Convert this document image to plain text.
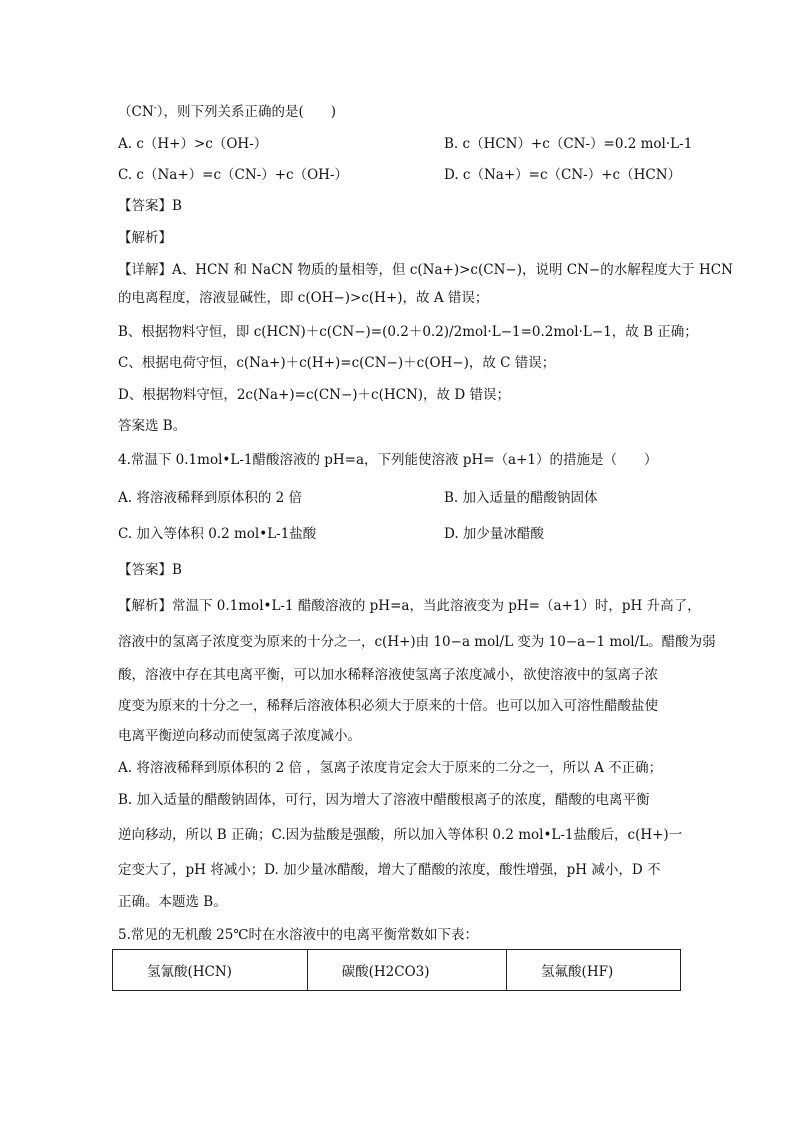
（CN-），则下列关系正确的是(　　)
A. c（H+）>c（OH-）	B. c（HCN）+c（CN-）=0.2 mol·L-1
C. c（Na+）=c（CN-）+c（OH-）	D. c（Na+）=c（CN-）+c（HCN）
【答案】B
【解析】
【详解】A、HCN 和 NaCN 物质的量相等，但 c(Na+)>c(CN−)，说明 CN−的水解程度大于 HCN
的电离程度，溶液显碱性，即 c(OH−)>c(H+)，故 A 错误；
B、根据物料守恒，即 c(HCN)＋c(CN−)=(0.2＋0.2)/2mol·L−1=0.2mol·L−1，故 B 正确；
C、根据电荷守恒，c(Na+)＋c(H+)=c(CN−)＋c(OH−)，故 C 错误；
D、根据物料守恒，2c(Na+)=c(CN−)＋c(HCN)，故 D 错误；
答案选 B。
4.常温下 0.1mol•L-1醋酸溶液的 pH=a，下列能使溶液 pH=（a+1）的措施是（　　）
A. 将溶液稀释到原体积的 2 倍	B. 加入适量的醋酸钠固体
C. 加入等体积 0.2 mol•L-1盐酸	D. 加少量冰醋酸
【答案】B
【解析】常温下 0.1mol•L-1 醋酸溶液的 pH=a，当此溶液变为 pH=（a+1）时，pH 升高了，
溶液中的氢离子浓度变为原来的十分之一，c(H+)由 10−a mol/L 变为 10−a−1 mol/L。醋酸为弱
酸，溶液中存在其电离平衡，可以加水稀释溶液使氢离子浓度减小，欲使溶液中的氢离子浓
度变为原来的十分之一，稀释后溶液体积必须大于原来的十倍。也可以加入可溶性醋酸盐使
电离平衡逆向移动而使氢离子浓度减小。
A. 将溶液稀释到原体积的 2 倍 ，氢离子浓度肯定会大于原来的二分之一，所以 A 不正确；
B. 加入适量的醋酸钠固体，可行，因为增大了溶液中醋酸根离子的浓度，醋酸的电离平衡
逆向移动，所以 B 正确；C.因为盐酸是强酸，所以加入等体积 0.2 mol•L-1盐酸后，c(H+)一
定变大了，pH 将减小；D. 加少量冰醋酸，增大了醋酸的浓度，酸性增强，pH 减小，D 不
正确。本题选 B。
5.常见的无机酸 25℃时在水溶液中的电离平衡常数如下表：
氢氰酸(HCN)	碳酸(H2CO3)	氢氟酸(HF)
